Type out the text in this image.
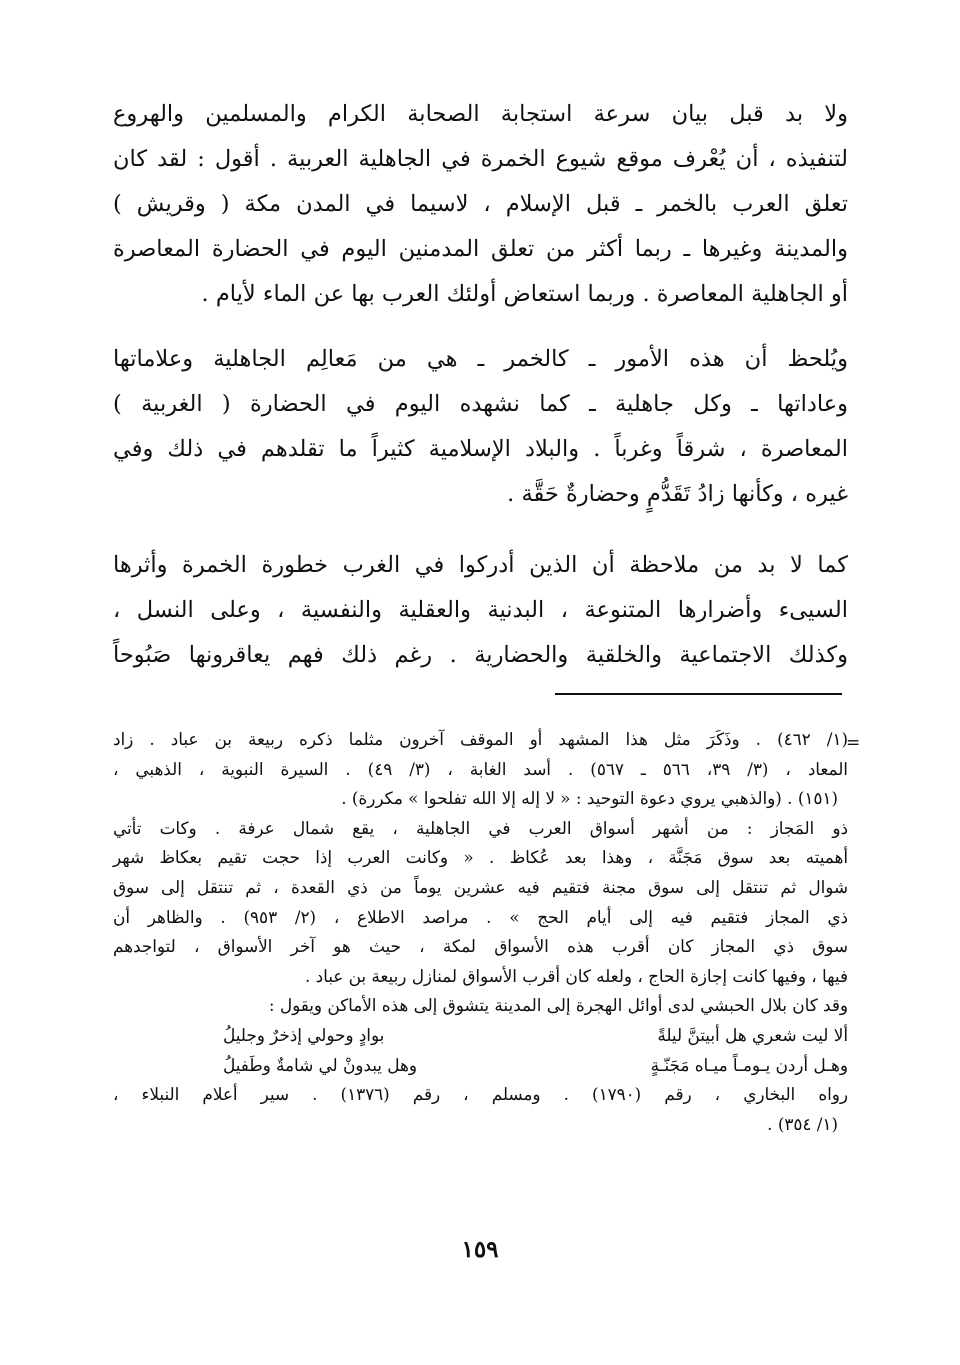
ولا بد قبل بيان سرعة استجابة الصحابة الكرام والمسلمين والهروع
لتنفيذه ، أن يُعْرف موقع شيوع الخمرة في الجاهلية العربية . أقول : لقد كان
تعلق العرب بالخمر ـ قبل الإسلام ، لاسيما في المدن مكة ( وقريش )
والمدينة وغيرها ـ ربما أكثر من تعلق المدمنين اليوم في الحضارة المعاصرة
أو الجاهلية المعاصرة . وربما استعاض أولئك العرب بها عن الماء لأيام .
ويُلحظ أن هذه الأمور ـ كالخمر ـ هي من مَعالِم الجاهلية وعلاماتها
وعاداتها ـ وكل جاهلية ـ كما نشهده اليوم في الحضارة ( الغربية )
المعاصرة ، شرقاً وغرباً . والبلاد الإسلامية كثيراً ما تقلدهم في ذلك وفي
غيره ، وكأنها زادُ تَقَدُّمٍ وحضارةٌ حَقَّة .
كما لا بد من ملاحظة أن الذين أدركوا في الغرب خطورة الخمرة وأثرها
السيىء وأضرارها المتنوعة ، البدنية والعقلية والنفسية ، وعلى النسل ،
وكذلك الاجتماعية والخلقية والحضارية . رغم ذلك فهم يعاقرونها صَبُوحاً
=
(١/ ٤٦٢) . وذَكَرَ مثل هذا المشهد أو الموقف آخرون مثلما ذكره ربيعة بن عباد . زاد
المعاد ، (٣/ ٣٩، ٥٦٦ ـ ٥٦٧) . أسد الغابة ، (٣/ ٤٩) . السيرة النبوية ، الذهبي ،
(١٥١) . (والذهبي يروي دعوة التوحيد : « لا إله إلا الله تفلحوا » مكررة) .
ذو المَجاز : من أشهر أسواق العرب في الجاهلية ، يقع شمال عرفة . وكات تأتي
أهميته بعد سوق مَجَنَّة ، وهذا بعد عُكاظ . « وكانت العرب إذا حجت تقيم بعكاظ شهر
شوال ثم تنتقل إلى سوق مجنة فتقيم فيه عشرين يوماً من ذي القعدة ، ثم تنتقل إلى سوق
ذي المجاز فتقيم فيه إلى أيام الحج » . مراصد الاطلاع ، (٢/ ٩٥٣) . والظاهر أن
سوق ذي المجاز كان أقرب هذه الأسواق لمكة ، حيث هو آخر الأسواق ، لتواجدهم
فيها ، وفيها كانت إجازة الحاج ، ولعله كان أقرب الأسواق لمنازل ربيعة بن عباد .
وقد كان بلال الحبشي لدى أوائل الهجرة إلى المدينة يتشوق إلى هذه الأماكن ويقول :
ألا ليت شعري هل أبيتنَّ ليلةً
بوادٍ وحولي إذخرٌ وجليلُ
وهـل أردن يـومـاً ميـاه مَجَنّـةٍ
وهل يبدونْ لي شامةٌ وطَفيلُ
رواه البخاري ، رقم (١٧٩٠) . ومسلم ، رقم (١٣٧٦) . سير أعلام النبلاء ،
(١/ ٣٥٤) .
١٥٩
